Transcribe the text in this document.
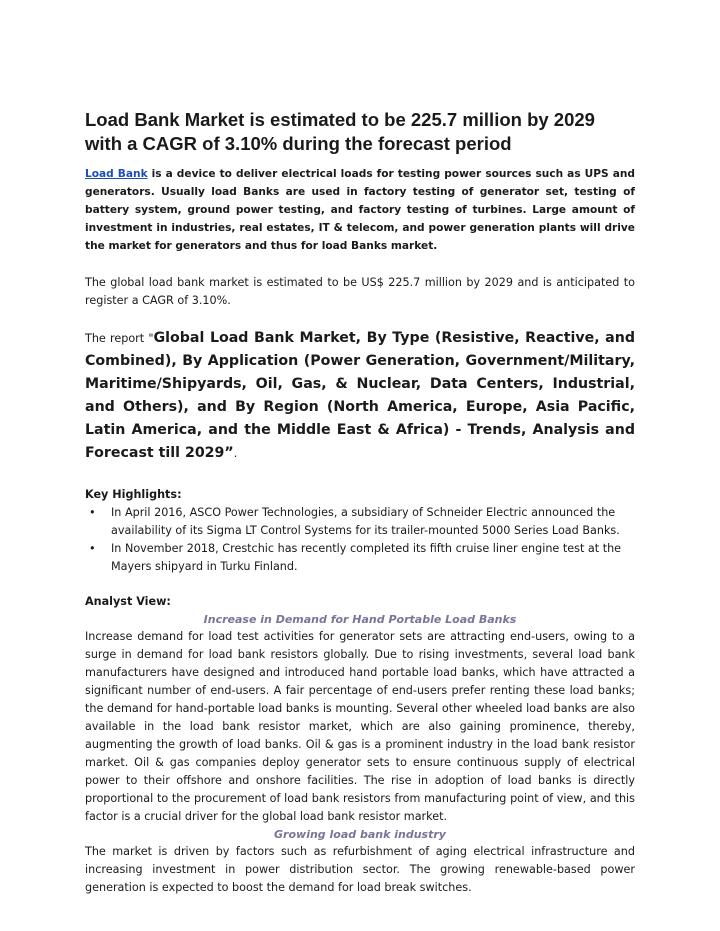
Load Bank Market is estimated to be 225.7 million by 2029 with a CAGR of 3.10% during the forecast period

Load Bank is a device to deliver electrical loads for testing power sources such as UPS and generators. Usually load Banks are used in factory testing of generator set, testing of battery system, ground power testing, and factory testing of turbines. Large amount of investment in industries, real estates, IT & telecom, and power generation plants will drive the market for generators and thus for load Banks market.

The global load bank market is estimated to be US$ 225.7 million by 2029 and is anticipated to register a CAGR of 3.10%.

The report "Global Load Bank Market, By Type (Resistive, Reactive, and Combined), By Application (Power Generation, Government/Military, Maritime/Shipyards, Oil, Gas, & Nuclear, Data Centers, Industrial, and Others), and By Region (North America, Europe, Asia Pacific, Latin America, and the Middle East & Africa) - Trends, Analysis and Forecast till 2029”.

Key Highlights:

• In April 2016, ASCO Power Technologies, a subsidiary of Schneider Electric announced the availability of its Sigma LT Control Systems for its trailer-mounted 5000 Series Load Banks.
• In November 2018, Crestchic has recently completed its fifth cruise liner engine test at the Mayers shipyard in Turku Finland.

Analyst View:

Increase in Demand for Hand Portable Load Banks

Increase demand for load test activities for generator sets are attracting end-users, owing to a surge in demand for load bank resistors globally. Due to rising investments, several load bank manufacturers have designed and introduced hand portable load banks, which have attracted a significant number of end-users. A fair percentage of end-users prefer renting these load banks; the demand for hand-portable load banks is mounting. Several other wheeled load banks are also available in the load bank resistor market, which are also gaining prominence, thereby, augmenting the growth of load banks. Oil & gas is a prominent industry in the load bank resistor market. Oil & gas companies deploy generator sets to ensure continuous supply of electrical power to their offshore and onshore facilities. The rise in adoption of load banks is directly proportional to the procurement of load bank resistors from manufacturing point of view, and this factor is a crucial driver for the global load bank resistor market.

Growing load bank industry

The market is driven by factors such as refurbishment of aging electrical infrastructure and increasing investment in power distribution sector. The growing renewable-based power generation is expected to boost the demand for load break switches.
